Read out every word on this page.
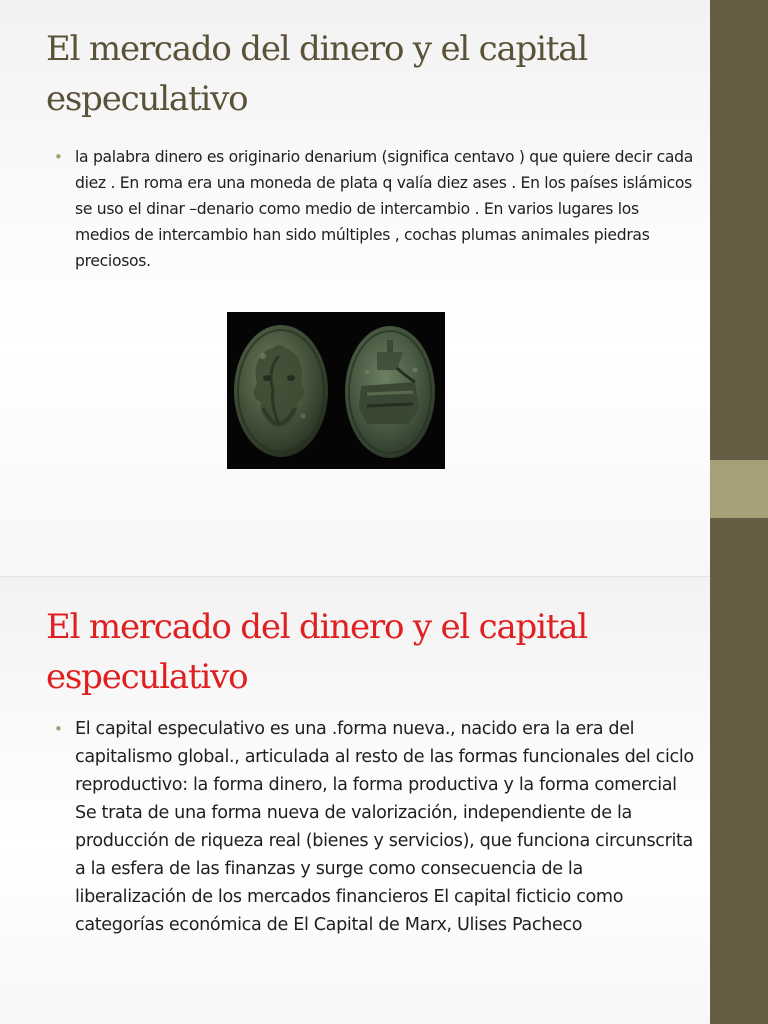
El mercado del dinero y el capital especulativo
• la palabra dinero es originario denarium (significa centavo ) que quiere decir cada diez . En roma era una moneda de plata q valía diez ases . En los países islámicos se uso el dinar –denario como medio de intercambio . En varios lugares los medios de intercambio han sido múltiples , cochas plumas animales piedras preciosos.
El mercado del dinero y el capital especulativo
• El capital especulativo es una .forma nueva., nacido era la era del capitalismo global., articulada al resto de las formas funcionales del ciclo reproductivo: la forma dinero, la forma productiva y la forma comercial Se trata de una forma nueva de valorización, independiente de la producción de riqueza real (bienes y servicios), que funciona circunscrita a la esfera de las finanzas y surge como consecuencia de la liberalización de los mercados financieros El capital ficticio como categorías económica de El Capital de Marx, Ulises Pacheco
